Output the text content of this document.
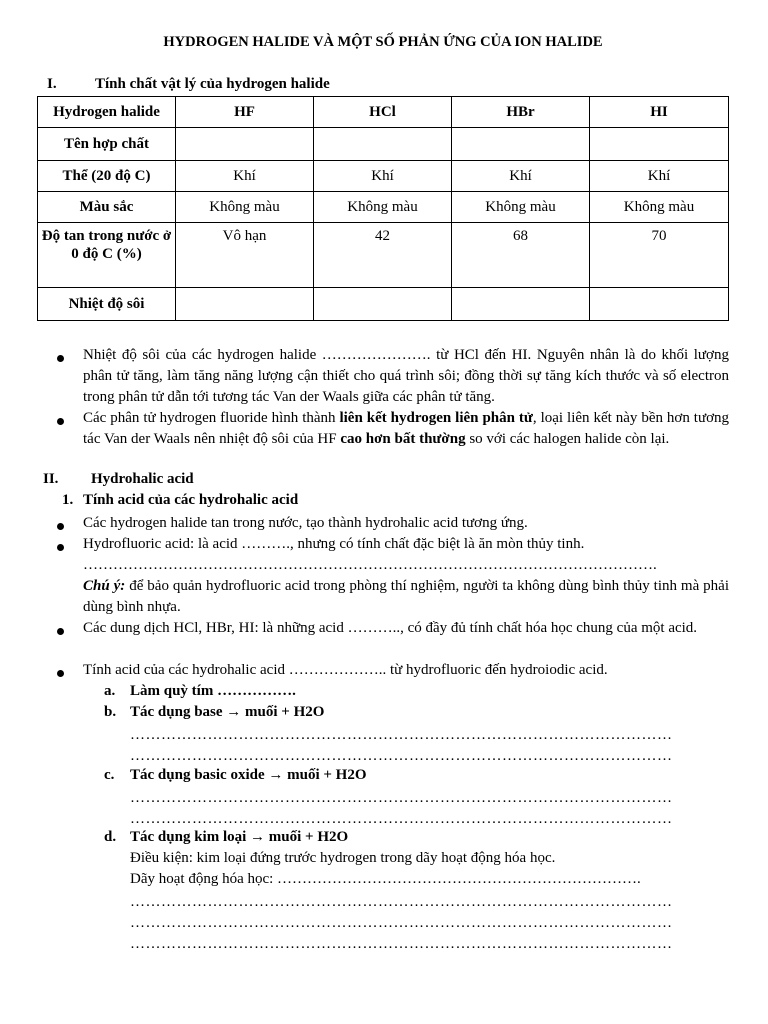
HYDROGEN HALIDE VÀ MỘT SỐ PHẢN ỨNG CỦA ION HALIDE
I.	Tính chất vật lý của hydrogen halide
Hydrogen halide	HF	HCl	HBr	HI
Tên hợp chất				
Thể (20 độ C)	Khí	Khí	Khí	Khí
Màu sắc	Không màu	Không màu	Không màu	Không màu
Độ tan trong nước ở 0 độ C (%)	Vô hạn	42	68	70
Nhiệt độ sôi				
Nhiệt độ sôi của các hydrogen halide …………………. từ HCl đến HI. Nguyên nhân là do khối lượng phân tử tăng, làm tăng năng lượng cận thiết cho quá trình sôi; đồng thời sự tăng kích thước và số electron trong phân tử dẫn tới tương tác Van der Waals giữa các phân tử tăng.
Các phân tử hydrogen fluoride hình thành liên kết hydrogen liên phân tử, loại liên kết này bền hơn tương tác Van der Waals nên nhiệt độ sôi của HF cao hơn bất thường so với các halogen halide còn lại.
II. Hydrohalic acid
1. Tính acid của các hydrohalic acid
Các hydrogen halide tan trong nước, tạo thành hydrohalic acid tương ứng.
Hydrofluoric acid: là acid ………., nhưng có tính chất đặc biệt là ăn mòn thủy tinh.
…………………………………………………………………………………………………….
Chú ý: để bảo quản hydrofluoric acid trong phòng thí nghiệm, người ta không dùng bình thủy tinh mà phải dùng bình nhựa.
Các dung dịch HCl, HBr, HI: là những acid ……….., có đầy đủ tính chất hóa học chung của một acid.
Tính acid của các hydrohalic acid ……………….. từ hydrofluoric đến hydroiodic acid.
a. Làm quỳ tím …………….
b. Tác dụng base → muối + H2O
……………………………………………………………………………………………
……………………………………………………………………………………………
c. Tác dụng basic oxide → muối + H2O
……………………………………………………………………………………………
……………………………………………………………………………………………
d. Tác dụng kim loại → muối + H2O
Điều kiện: kim loại đứng trước hydrogen trong dãy hoạt động hóa học.
Dãy hoạt động hóa học: ……………………………………………………………….
……………………………………………………………………………………………
……………………………………………………………………………………………
……………………………………………………………………………………………
